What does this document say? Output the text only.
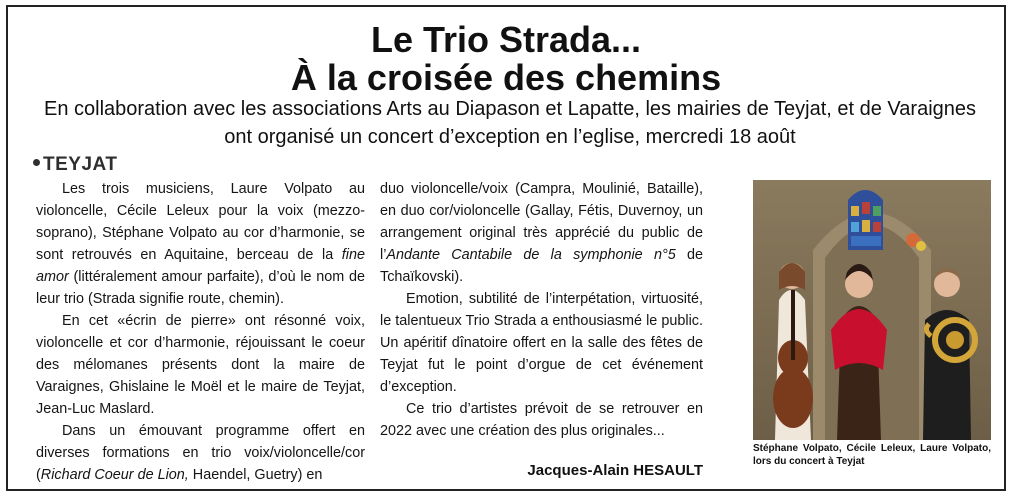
Le Trio Strada...
À la croisée des chemins
En collaboration avec les associations Arts au Diapason et Lapatte, les mairies de Teyjat, et de Varaignes ont organisé un concert d’exception en l’eglise, mercredi 18 août
TEYJAT

Les trois musiciens, Laure Volpato au violoncelle, Cécile Leleux pour la voix (mezzo-soprano), Stéphane Volpato au cor d’harmonie, se sont retrouvés en Aquitaine, berceau de la fine amor (littéralement amour parfaite), d’où le nom de leur trio (Strada signifie route, chemin).

En cet «écrin de pierre» ont résonné voix, violoncelle et cor d’harmonie, réjouissant le coeur des mélomanes présents dont la maire de Varaignes, Ghislaine le Moël et le maire de Teyjat, Jean-Luc Maslard.

Dans un émouvant programme offert en diverses formations en trio voix/violoncelle/cor (Richard Coeur de Lion, Haendel, Guetry) en

duo violoncelle/voix (Campra, Moulinié, Bataille), en duo cor/violoncelle (Gallay, Fétis, Duvernoy, un arrangement original très apprécié du public de l’Andante Cantabile de la symphonie n°5 de Tchaïkovski).

Emotion, subtilité de l’interpétation, virtuosité, le talentueux Trio Strada a enthousiasmé le public. Un apéritif dînatoire offert en la salle des fêtes de Teyjat fut le point d’orgue de cet événement d’exception.

Ce trio d’artistes prévoit de se retrouver en 2022 avec une création des plus originales...

Jacques-Alain HESAULT
Stéphane Volpato, Cécile Leleux, Laure Volpato, lors du concert à Teyjat
